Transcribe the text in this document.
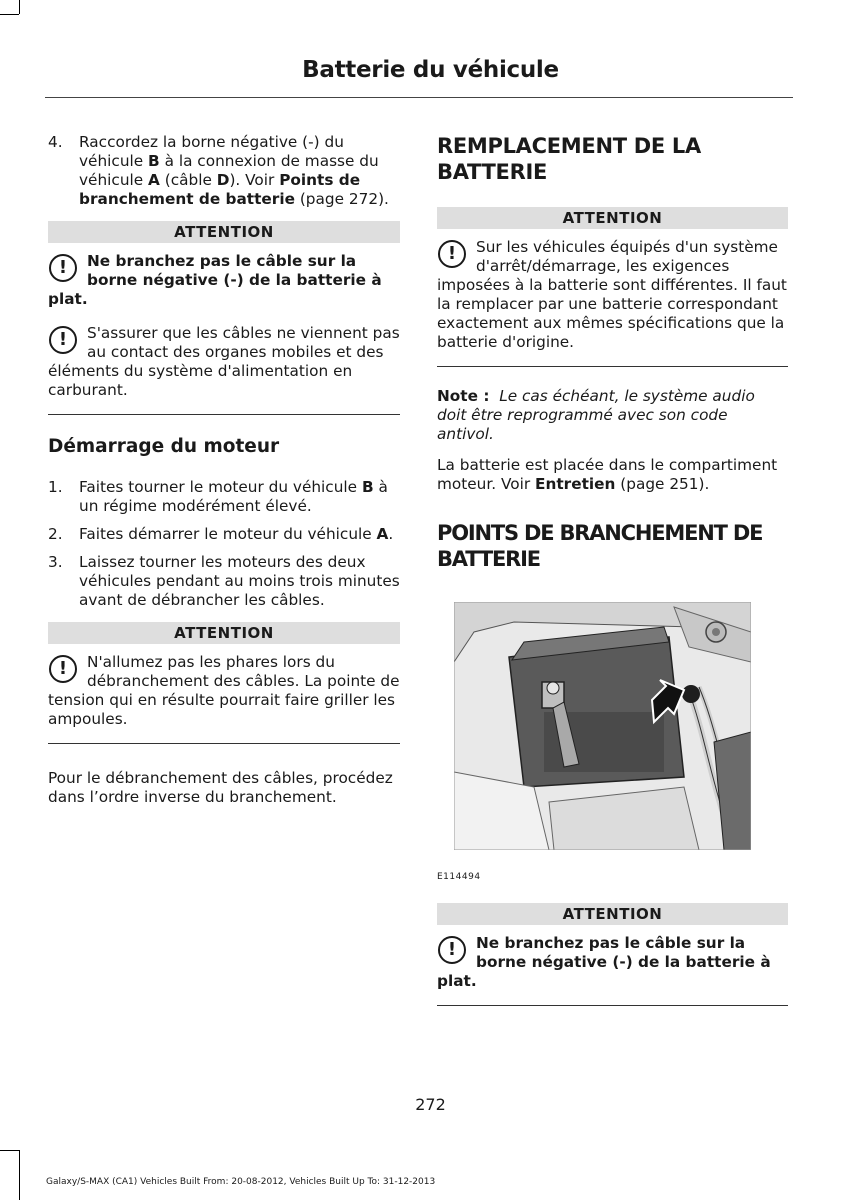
Batterie du véhicule
4. Raccordez la borne négative (-) du véhicule B à la connexion de masse du véhicule A (câble D). Voir Points de branchement de batterie (page 272).
ATTENTION
!	Ne branchez pas le câble sur la borne négative (-) de la batterie à plat.
!	S'assurer que les câbles ne viennent pas au contact des organes mobiles et des éléments du système d'alimentation en carburant.
Démarrage du moteur
1. Faites tourner le moteur du véhicule B à un régime modérément élevé.
2. Faites démarrer le moteur du véhicule A.
3. Laissez tourner les moteurs des deux véhicules pendant au moins trois minutes avant de débrancher les câbles.
ATTENTION
!	N'allumez pas les phares lors du débranchement des câbles. La pointe de tension qui en résulte pourrait faire griller les ampoules.

Pour le débranchement des câbles, procédez dans l’ordre inverse du branchement.

REMPLACEMENT DE LA BATTERIE
ATTENTION
!	Sur les véhicules équipés d'un système d'arrêt/démarrage, les exigences imposées à la batterie sont différentes. Il faut la remplacer par une batterie correspondant exactement aux mêmes spécifications que la batterie d'origine.

Note : Le cas échéant, le système audio doit être reprogrammé avec son code antivol.

La batterie est placée dans le compartiment moteur. Voir Entretien (page 251).

POINTS DE BRANCHEMENT DE BATTERIE
E114494
ATTENTION
!	Ne branchez pas le câble sur la borne négative (-) de la batterie à plat.
272
Galaxy/S-MAX (CA1) Vehicles Built From: 20-08-2012, Vehicles Built Up To: 31-12-2013
